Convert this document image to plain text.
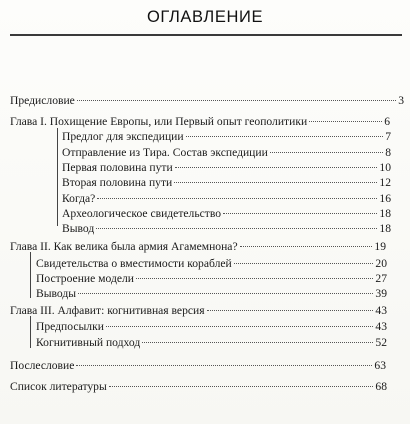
ОГЛАВЛЕНИЕ
Предисловие	3
Глава I. Похищение Европы, или Первый опыт геополитики	6
Предлог для экспедиции	7
Отправление из Тира. Состав экспедиции	8
Первая половина пути	10
Вторая половина пути	12
Когда?	16
Археологическое свидетельство	18
Вывод	18
Глава II. Как велика была армия Агамемнона?	19
Свидетельства о вместимости кораблей	20
Построение модели	27
Выводы	39
Глава III. Алфавит: когнитивная версия	43
Предпосылки	43
Когнитивный подход	52
Послесловие	63
Список литературы	68
